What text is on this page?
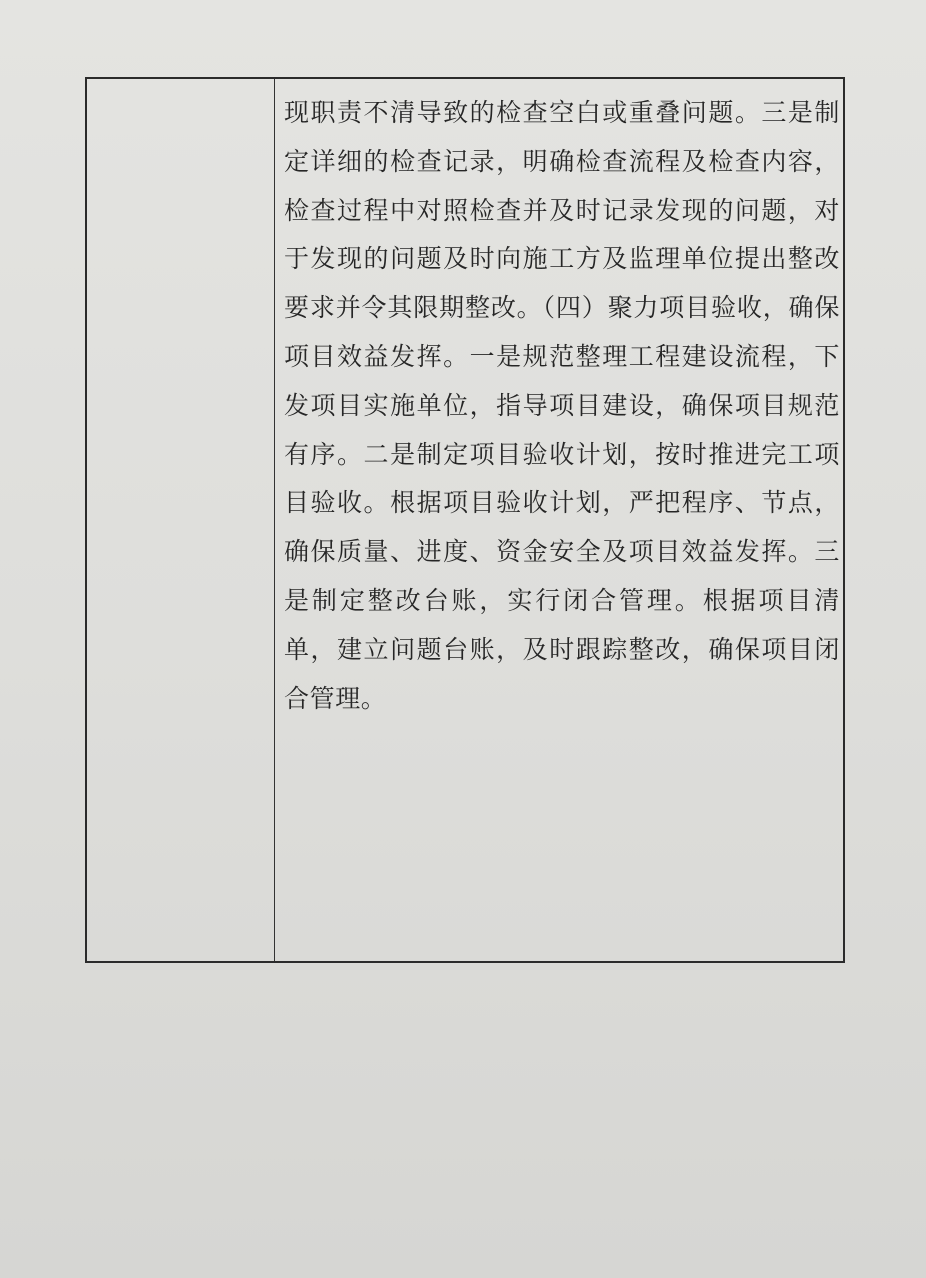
现职责不清导致的检查空白或重叠问题。三是制定详细的检查记录，明确检查流程及检查内容，检查过程中对照检查并及时记录发现的问题，对于发现的问题及时向施工方及监理单位提出整改要求并令其限期整改。（四）聚力项目验收，确保项目效益发挥。一是规范整理工程建设流程，下发项目实施单位，指导项目建设，确保项目规范有序。二是制定项目验收计划，按时推进完工项目验收。根据项目验收计划，严把程序、节点，确保质量、进度、资金安全及项目效益发挥。三是制定整改台账，实行闭合管理。根据项目清单，建立问题台账，及时跟踪整改，确保项目闭合管理。
